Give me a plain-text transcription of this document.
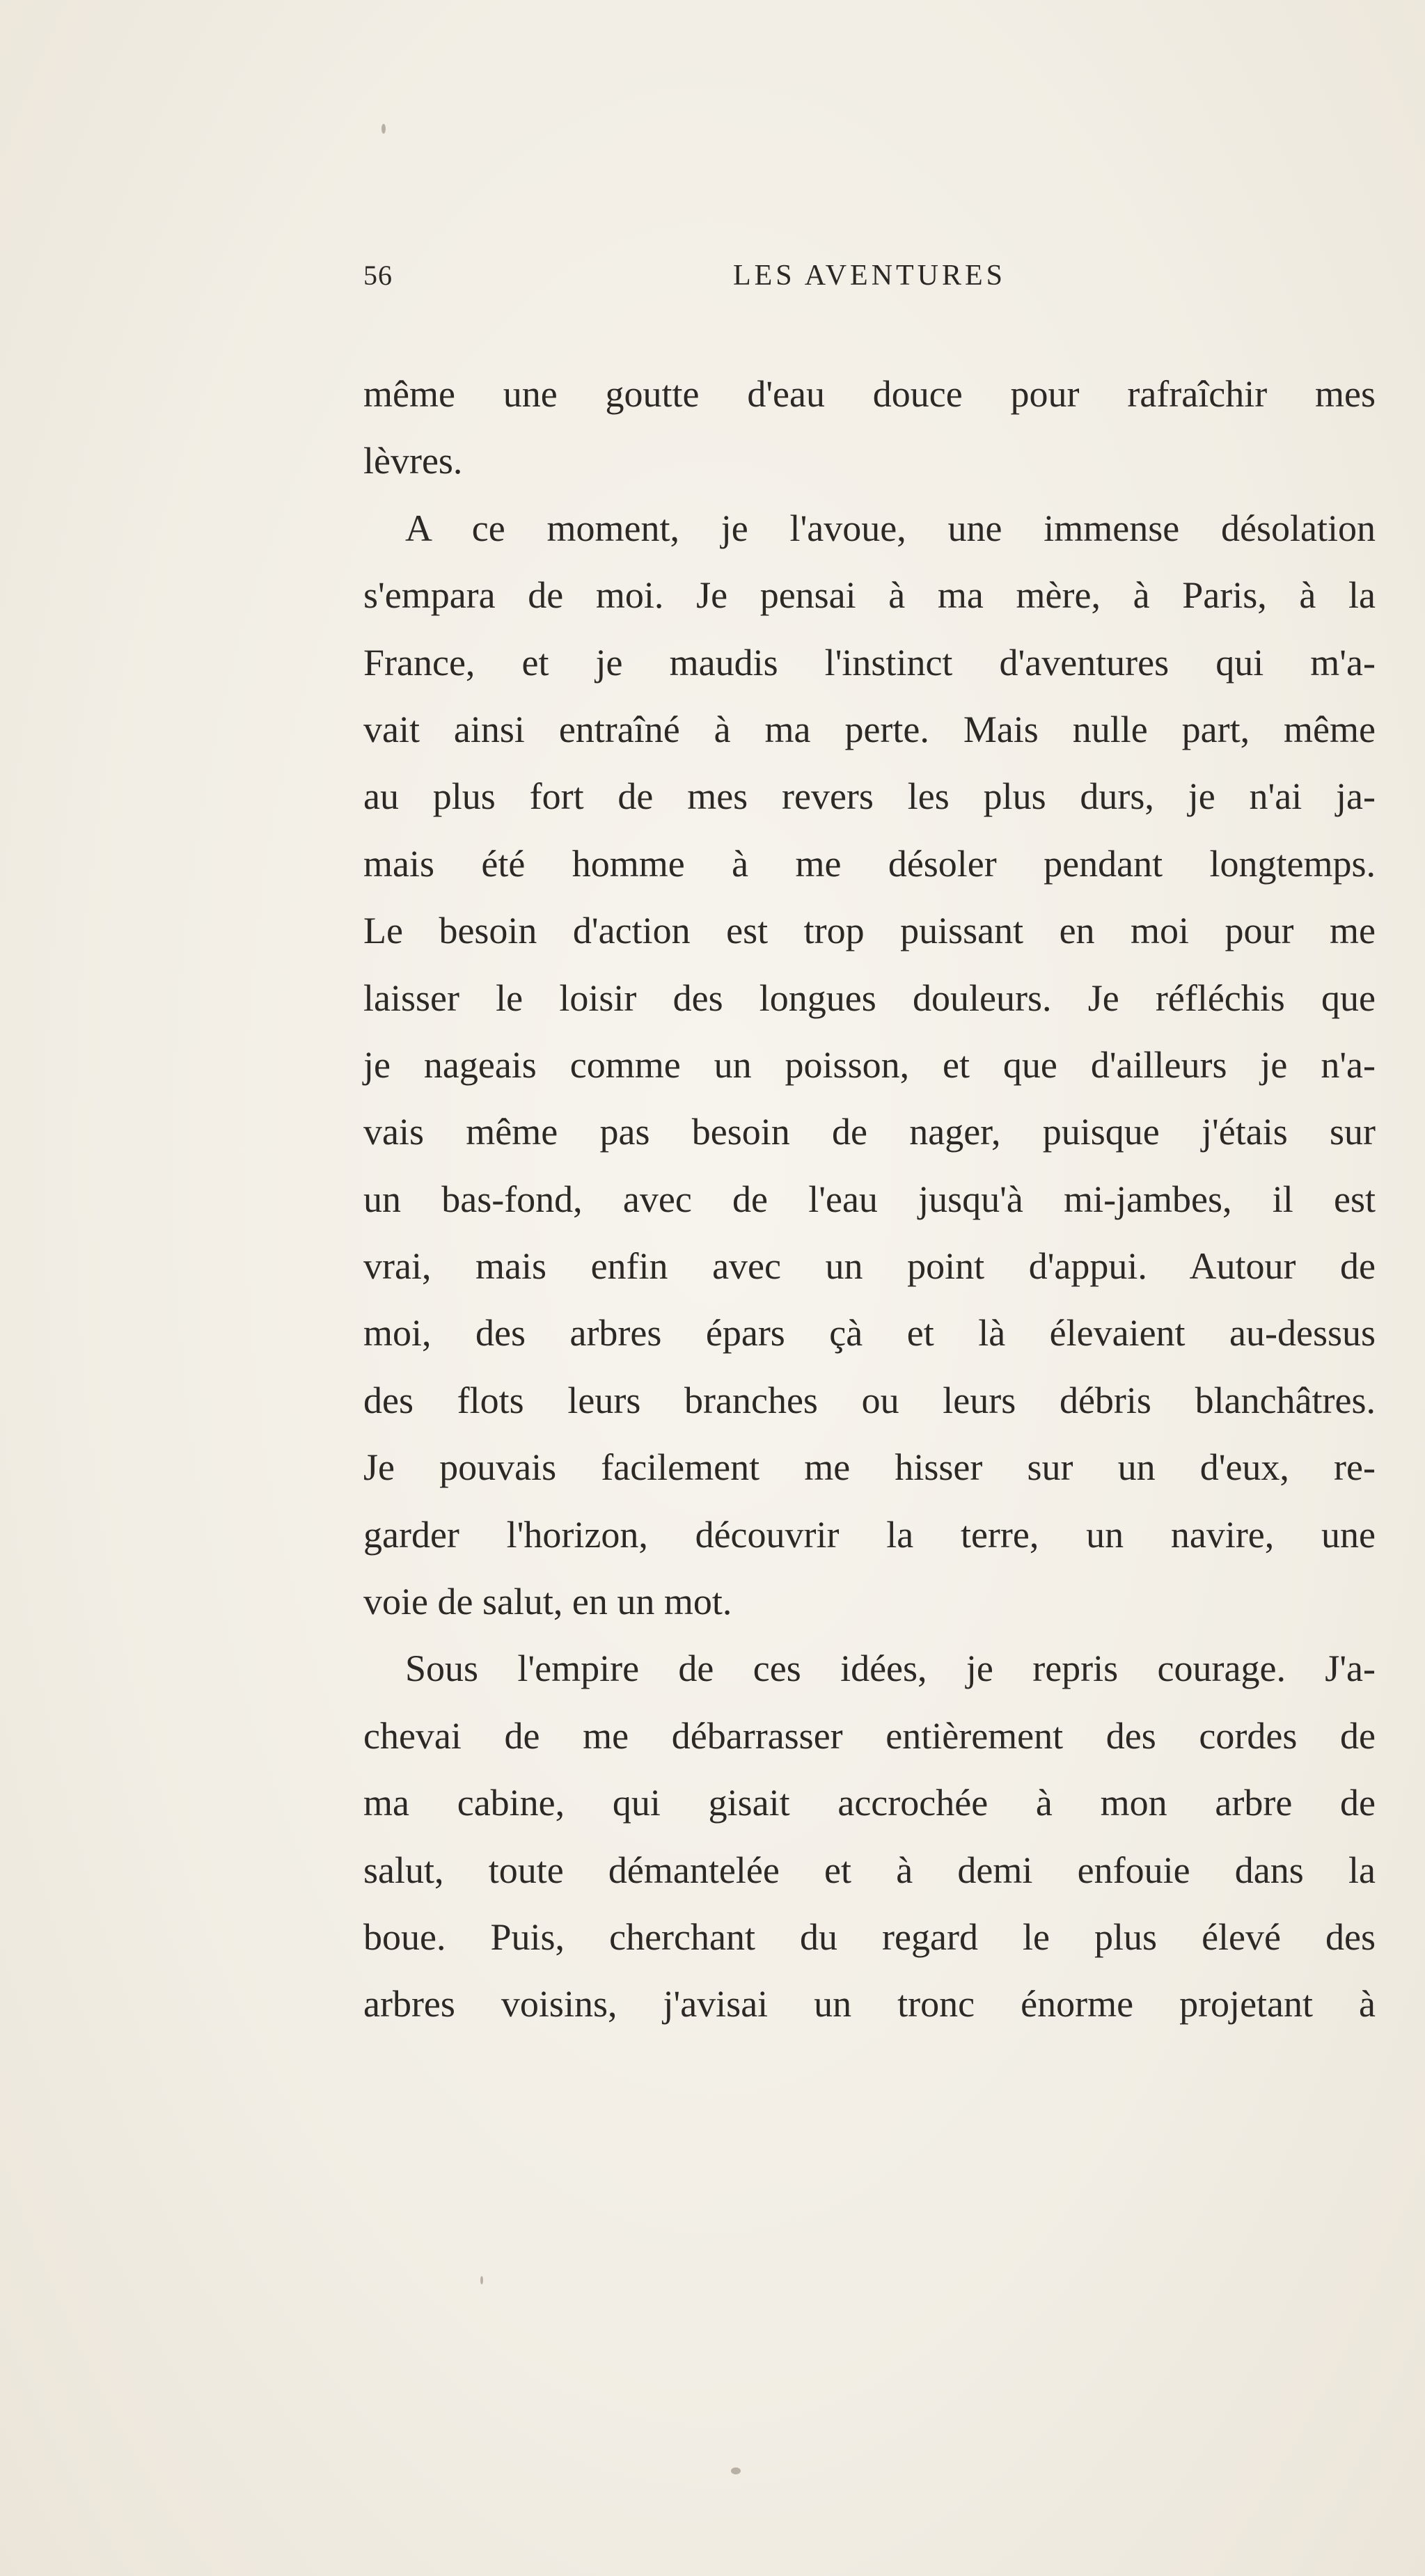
56	LES AVENTURES
même une goutte d'eau douce pour rafraîchir mes
lèvres.
A ce moment, je l'avoue, une immense désolation
s'empara de moi. Je pensai à ma mère, à Paris, à la
France, et je maudis l'instinct d'aventures qui m'a-
vait ainsi entraîné à ma perte. Mais nulle part, même
au plus fort de mes revers les plus durs, je n'ai ja-
mais été homme à me désoler pendant longtemps.
Le besoin d'action est trop puissant en moi pour me
laisser le loisir des longues douleurs. Je réfléchis que
je nageais comme un poisson, et que d'ailleurs je n'a-
vais même pas besoin de nager, puisque j'étais sur
un bas-fond, avec de l'eau jusqu'à mi-jambes, il est
vrai, mais enfin avec un point d'appui. Autour de
moi, des arbres épars çà et là élevaient au-dessus
des flots leurs branches ou leurs débris blanchâtres.
Je pouvais facilement me hisser sur un d'eux, re-
garder l'horizon, découvrir la terre, un navire, une
voie de salut, en un mot.
Sous l'empire de ces idées, je repris courage. J'a-
chevai de me débarrasser entièrement des cordes de
ma cabine, qui gisait accrochée à mon arbre de
salut, toute démantelée et à demi enfouie dans la
boue. Puis, cherchant du regard le plus élevé des
arbres voisins, j'avisai un tronc énorme projetant à
